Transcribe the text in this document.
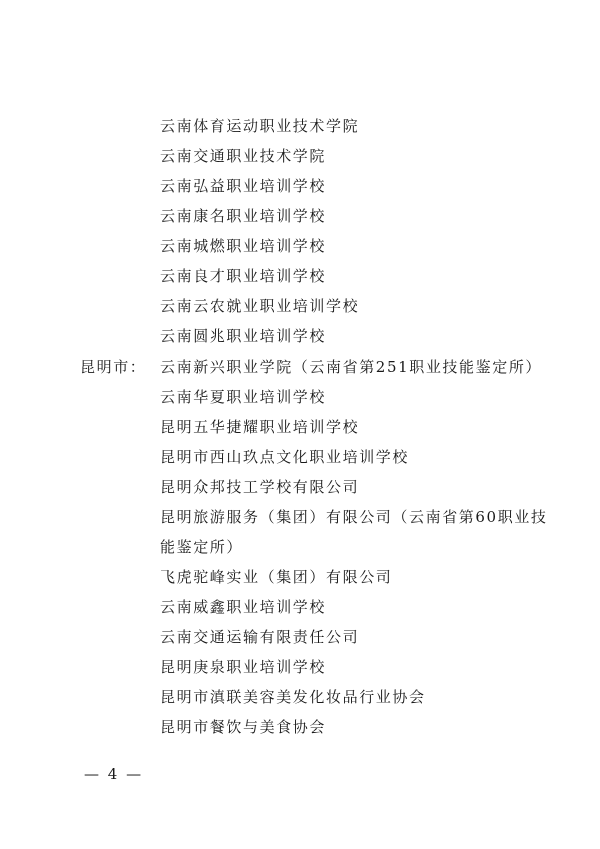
云南体育运动职业技术学院
云南交通职业技术学院
云南弘益职业培训学校
云南康名职业培训学校
云南城燃职业培训学校
云南良才职业培训学校
云南云农就业职业培训学校
云南圆兆职业培训学校
昆明市： 云南新兴职业学院（云南省第251职业技能鉴定所）
云南华夏职业培训学校
昆明五华捷耀职业培训学校
昆明市西山玖点文化职业培训学校
昆明众邦技工学校有限公司
昆明旅游服务（集团）有限公司（云南省第60职业技
能鉴定所）
飞虎驼峰实业（集团）有限公司
云南威鑫职业培训学校
云南交通运输有限责任公司
昆明庚泉职业培训学校
昆明市滇联美容美发化妆品行业协会
昆明市餐饮与美食协会
— 4 —
